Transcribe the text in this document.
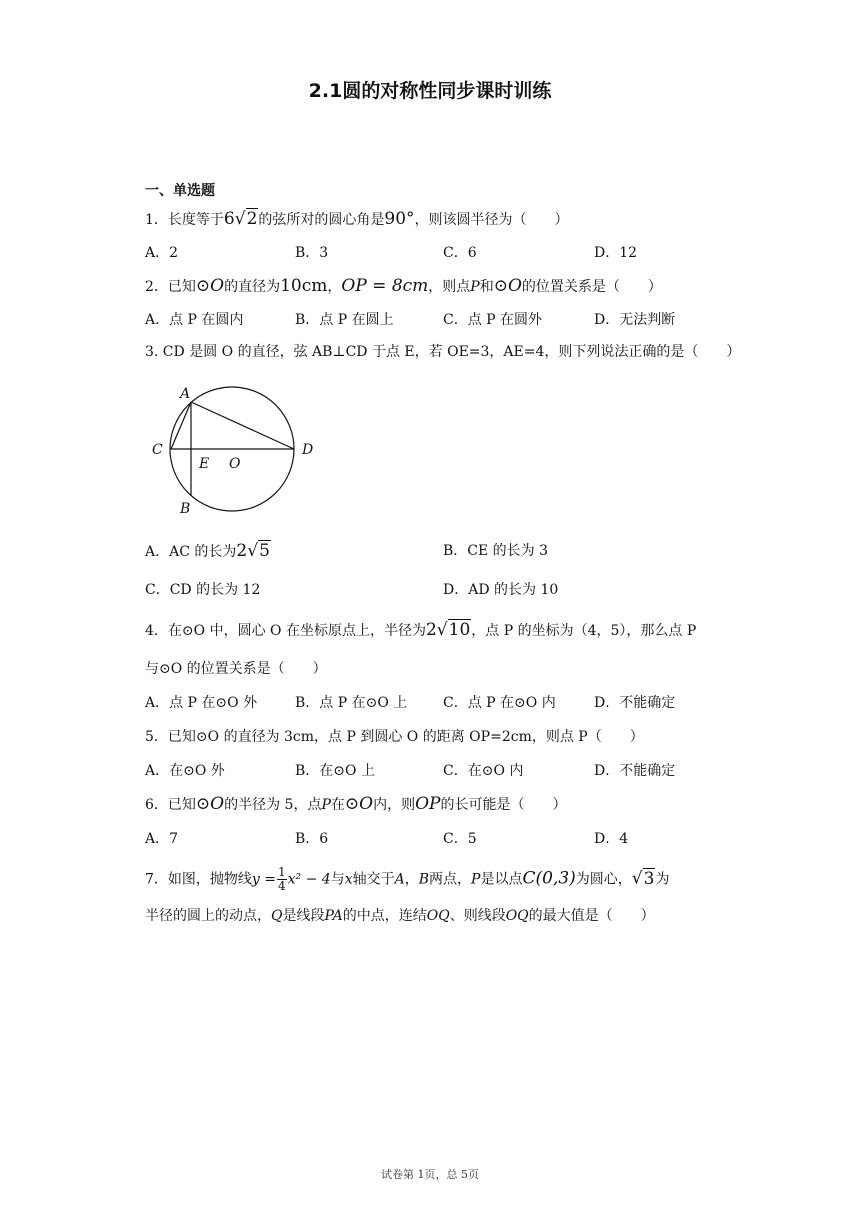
2.1圆的对称性同步课时训练
一、单选题
1．长度等于6√2的弦所对的圆心角是90°，则该圆半径为（　　）
A．2	B．3	C．6	D．12
2．已知⊙O的直径为10cm，OP = 8cm，则点P和⊙O的位置关系是（　　）
A．点 P 在圆内	B．点 P 在圆上	C．点 P 在圆外	D．无法判断
3. CD 是圆 O 的直径，弦 AB⊥CD 于点 E，若 OE=3，AE=4，则下列说法正确的是（　　）
A
C	D
E O
B
A．AC 的长为2√5	B．CE 的长为 3
C．CD 的长为 12	D．AD 的长为 10
4．在⊙O 中，圆心 O 在坐标原点上，半径为2√10，点 P 的坐标为（4，5），那么点 P
与⊙O 的位置关系是（　　）
A．点 P 在⊙O 外	B．点 P 在⊙O 上	C．点 P 在⊙O 内	D．不能确定
5．已知⊙O 的直径为 3cm，点 P 到圆心 O 的距离 OP=2cm，则点 P（　　）
A．在⊙O 外	B．在⊙O 上	C．在⊙O 内	D．不能确定
6．已知⊙O的半径为 5，点P在⊙O内，则OP的长可能是（　　）
A．7	B．6	C．5	D．4
7．如图，抛物线$y = \frac{1}{4} x^2 - 4$与x轴交于A，B两点，P是以点C(0,3)为圆心，√3为
半径的圆上的动点，Q是线段PA的中点，连结OQ、则线段OQ的最大值是（　　）
试卷第 1页，总 5页
